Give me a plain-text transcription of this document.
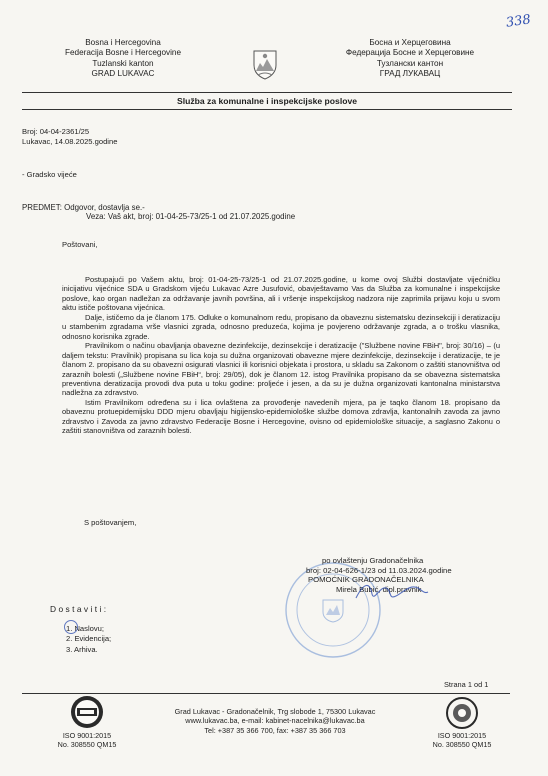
338
Bosna i Hercegovina
Federacija Bosne i Hercegovine
Tuzlanski kanton
GRAD LUKAVAC
Босна и Херцеговина
Федерација Босне и Херцеговине
Тузлански кантон
ГРАД ЛУКАВАЦ
Služba za komunalne i inspekcijske poslove
Broj: 04-04-2361/25
Lukavac, 14.08.2025.godine
- Gradsko vijeće
PREDMET: Odgovor, dostavlja se.-
Veza: Vaš akt, broj: 01-04-25-73/25-1 od 21.07.2025.godine
Poštovani,
Postupajući po Vašem aktu, broj: 01-04-25-73/25-1 od 21.07.2025.godine, u kome ovoj Službi dostavljate vijećničku inicijativu vijećnice SDA u Gradskom vijeću Lukavac Azre Jusufović, obavještavamo Vas da Služba za komunalne i inspekcijske poslove, kao organ nadležan za održavanje javnih površina, ali i vršenje inspekcijskog nadzora nije zaprimila prijavu koju u svom aktu ističe poštovana vijećnica.
Dalje, ističemo da je članom 175. Odluke o komunalnom redu, propisano da obaveznu sistematsku dezinsekciji i deratizaciju u stambenim zgradama vrše vlasnici zgrada, odnosno preduzeća, kojima je povjereno održavanje zgrada, a o trošku vlasnika, odnosno korisnika zgrade.
Pravilnikom o načinu obavljanja obavezne dezinfekcije, dezinsekcije i deratizacije ("Službene novine FBiH", broj: 30/16) – (u daljem tekstu: Pravilnik) propisana su lica koja su dužna organizovati obavezne mjere dezinfekcije, dezinsekcije i deratizacije, te je članom 2. propisano da su obavezni osigurati vlasnici ili korisnici objekata i prostora, u skladu sa Zakonom o zaštiti stanovništva od zaraznih bolesti („Službene novine FBiH“, broj: 29/05), dok je članom 12. istog Pravilnika propisano da se obavezna sistematska preventivna deratizacija provodi dva puta u toku godine: proljeće i jesen, a da su je dužna organizovati kantonalna ministarstva nadležna za zdravstvo.
Istim Pravilnikom određena su i lica ovlaštena za provođenje navedenih mjera, pa je taqko članom 18. propisano da obaveznu protuepidemijsku DDD mjeru obavljaju higijensko-epidemiološke službe domova zdravlja, kantonalnih zavoda za javno zdravstvo i Zavoda za javno zdravstvo Federacije Bosne i Hercegovine, ovisno od epidemiološke situacije, a saglasno Zakonu o zaštiti stanovništva od zaraznih bolesti.
S poštovanjem,
po ovlaštenju Gradonačelnika
broj: 02-04-626-1/23 od 11.03.2024.godine
POMOĆNIK GRADONAČELNIKA
Mirela Bubić, dipl.pravnik
Dostaviti:
1. Naslovu;
2. Evidencija;
3. Arhiva.
Strana 1 od 1
ISO 9001:2015
No. 308550 QM15
Grad Lukavac - Gradonačelnik, Trg slobode 1, 75300 Lukavac
www.lukavac.ba, e-mail: kabinet-nacelnika@lukavac.ba
Tel: +387 35 366 700, fax: +387 35 366 703
ISO 9001:2015
No. 308550 QM15
